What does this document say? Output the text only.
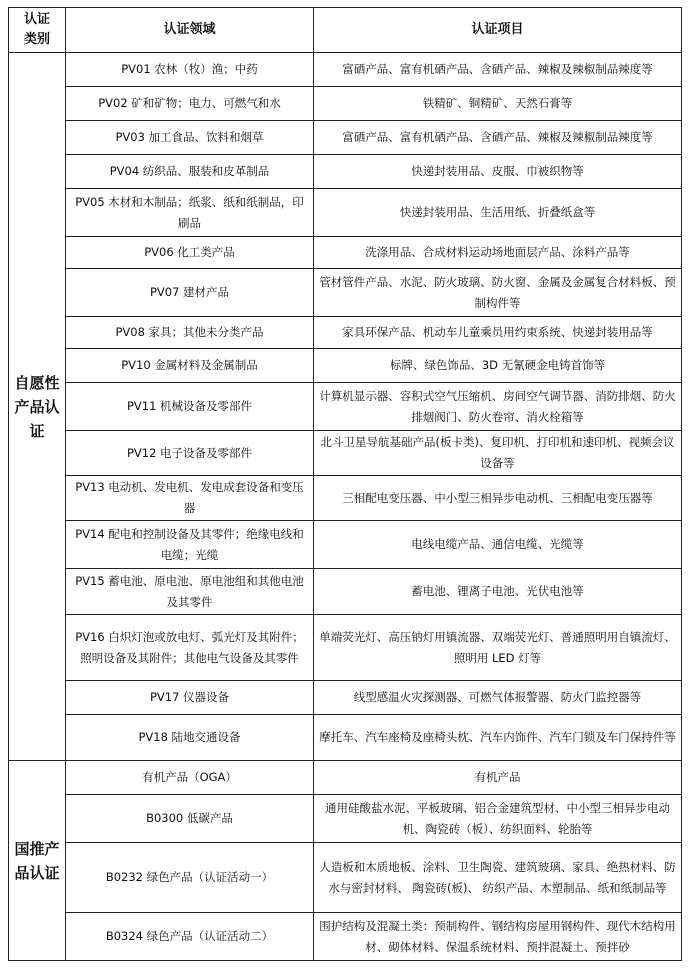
认证
类别	认证领域	认证项目
自愿性产品认证	PV01 农林（牧）渔；中药	富硒产品、富有机硒产品、含硒产品、辣椒及辣椒制品辣度等
	PV02 矿和矿物；电力、可燃气和水	铁精矿、铜精矿、天然石膏等
	PV03 加工食品、饮料和烟草	富硒产品、富有机硒产品、含硒产品、辣椒及辣椒制品辣度等
	PV04 纺织品、服装和皮革制品	快递封装用品、皮服、巾被织物等
	PV05 木材和木制品；纸浆、纸和纸制品，印刷品	快递封装用品、生活用纸、折叠纸盒等
	PV06 化工类产品	洗涤用品、合成材料运动场地面层产品、涂料产品等
	PV07 建材产品	管材管件产品、水泥、防火玻璃、防火窗、金属及金属复合材料板、预制构件等
	PV08 家具；其他未分类产品	家具环保产品、机动车儿童乘员用约束系统、快递封装用品等
	PV10 金属材料及金属制品	标牌、绿色饰品、3D 无氰硬金电铸首饰等
	PV11 机械设备及零部件	计算机显示器、容积式空气压缩机、房间空气调节器、消防排烟、防火排烟阀门、防火卷帘、消火栓箱等
	PV12 电子设备及零部件	北斗卫星导航基础产品(板卡类)、复印机、打印机和速印机、视频会议设备等
	PV13 电动机、发电机、发电成套设备和变压器	三相配电变压器、中小型三相异步电动机、三相配电变压器等
	PV14 配电和控制设备及其零件；绝缘电线和电缆；光缆	电线电缆产品、通信电缆、光缆等
	PV15 蓄电池、原电池、原电池组和其他电池及其零件	蓄电池、锂离子电池、光伏电池等
	PV16 白炽灯泡或放电灯、弧光灯及其附件；照明设备及其附件；其他电气设备及其零件	单端荧光灯、高压钠灯用镇流器、双端荧光灯、普通照明用自镇流灯、照明用 LED 灯等
	PV17 仪器设备	线型感温火灾探测器、可燃气体报警器、防火门监控器等
	PV18 陆地交通设备	摩托车、汽车座椅及座椅头枕、汽车内饰件、汽车门锁及车门保持件等
国推产品认证	有机产品（OGA）	有机产品
	B0300 低碳产品	通用硅酸盐水泥、平板玻璃、铝合金建筑型材、中小型三相异步电动机、陶瓷砖（板）、纺织面料、轮胎等
	B0232 绿色产品（认证活动一）	人造板和木质地板、涂料、卫生陶瓷、建筑玻璃、家具、绝热材料、防水与密封材料、 陶瓷砖(板)、 纺织产品、木塑制品、纸和纸制品等
	B0324 绿色产品（认证活动二）	围护结构及混凝土类：预制构件、钢结构房屋用钢构件、现代木结构用材、砌体材料、保温系统材料、预拌混凝土、预拌砂
